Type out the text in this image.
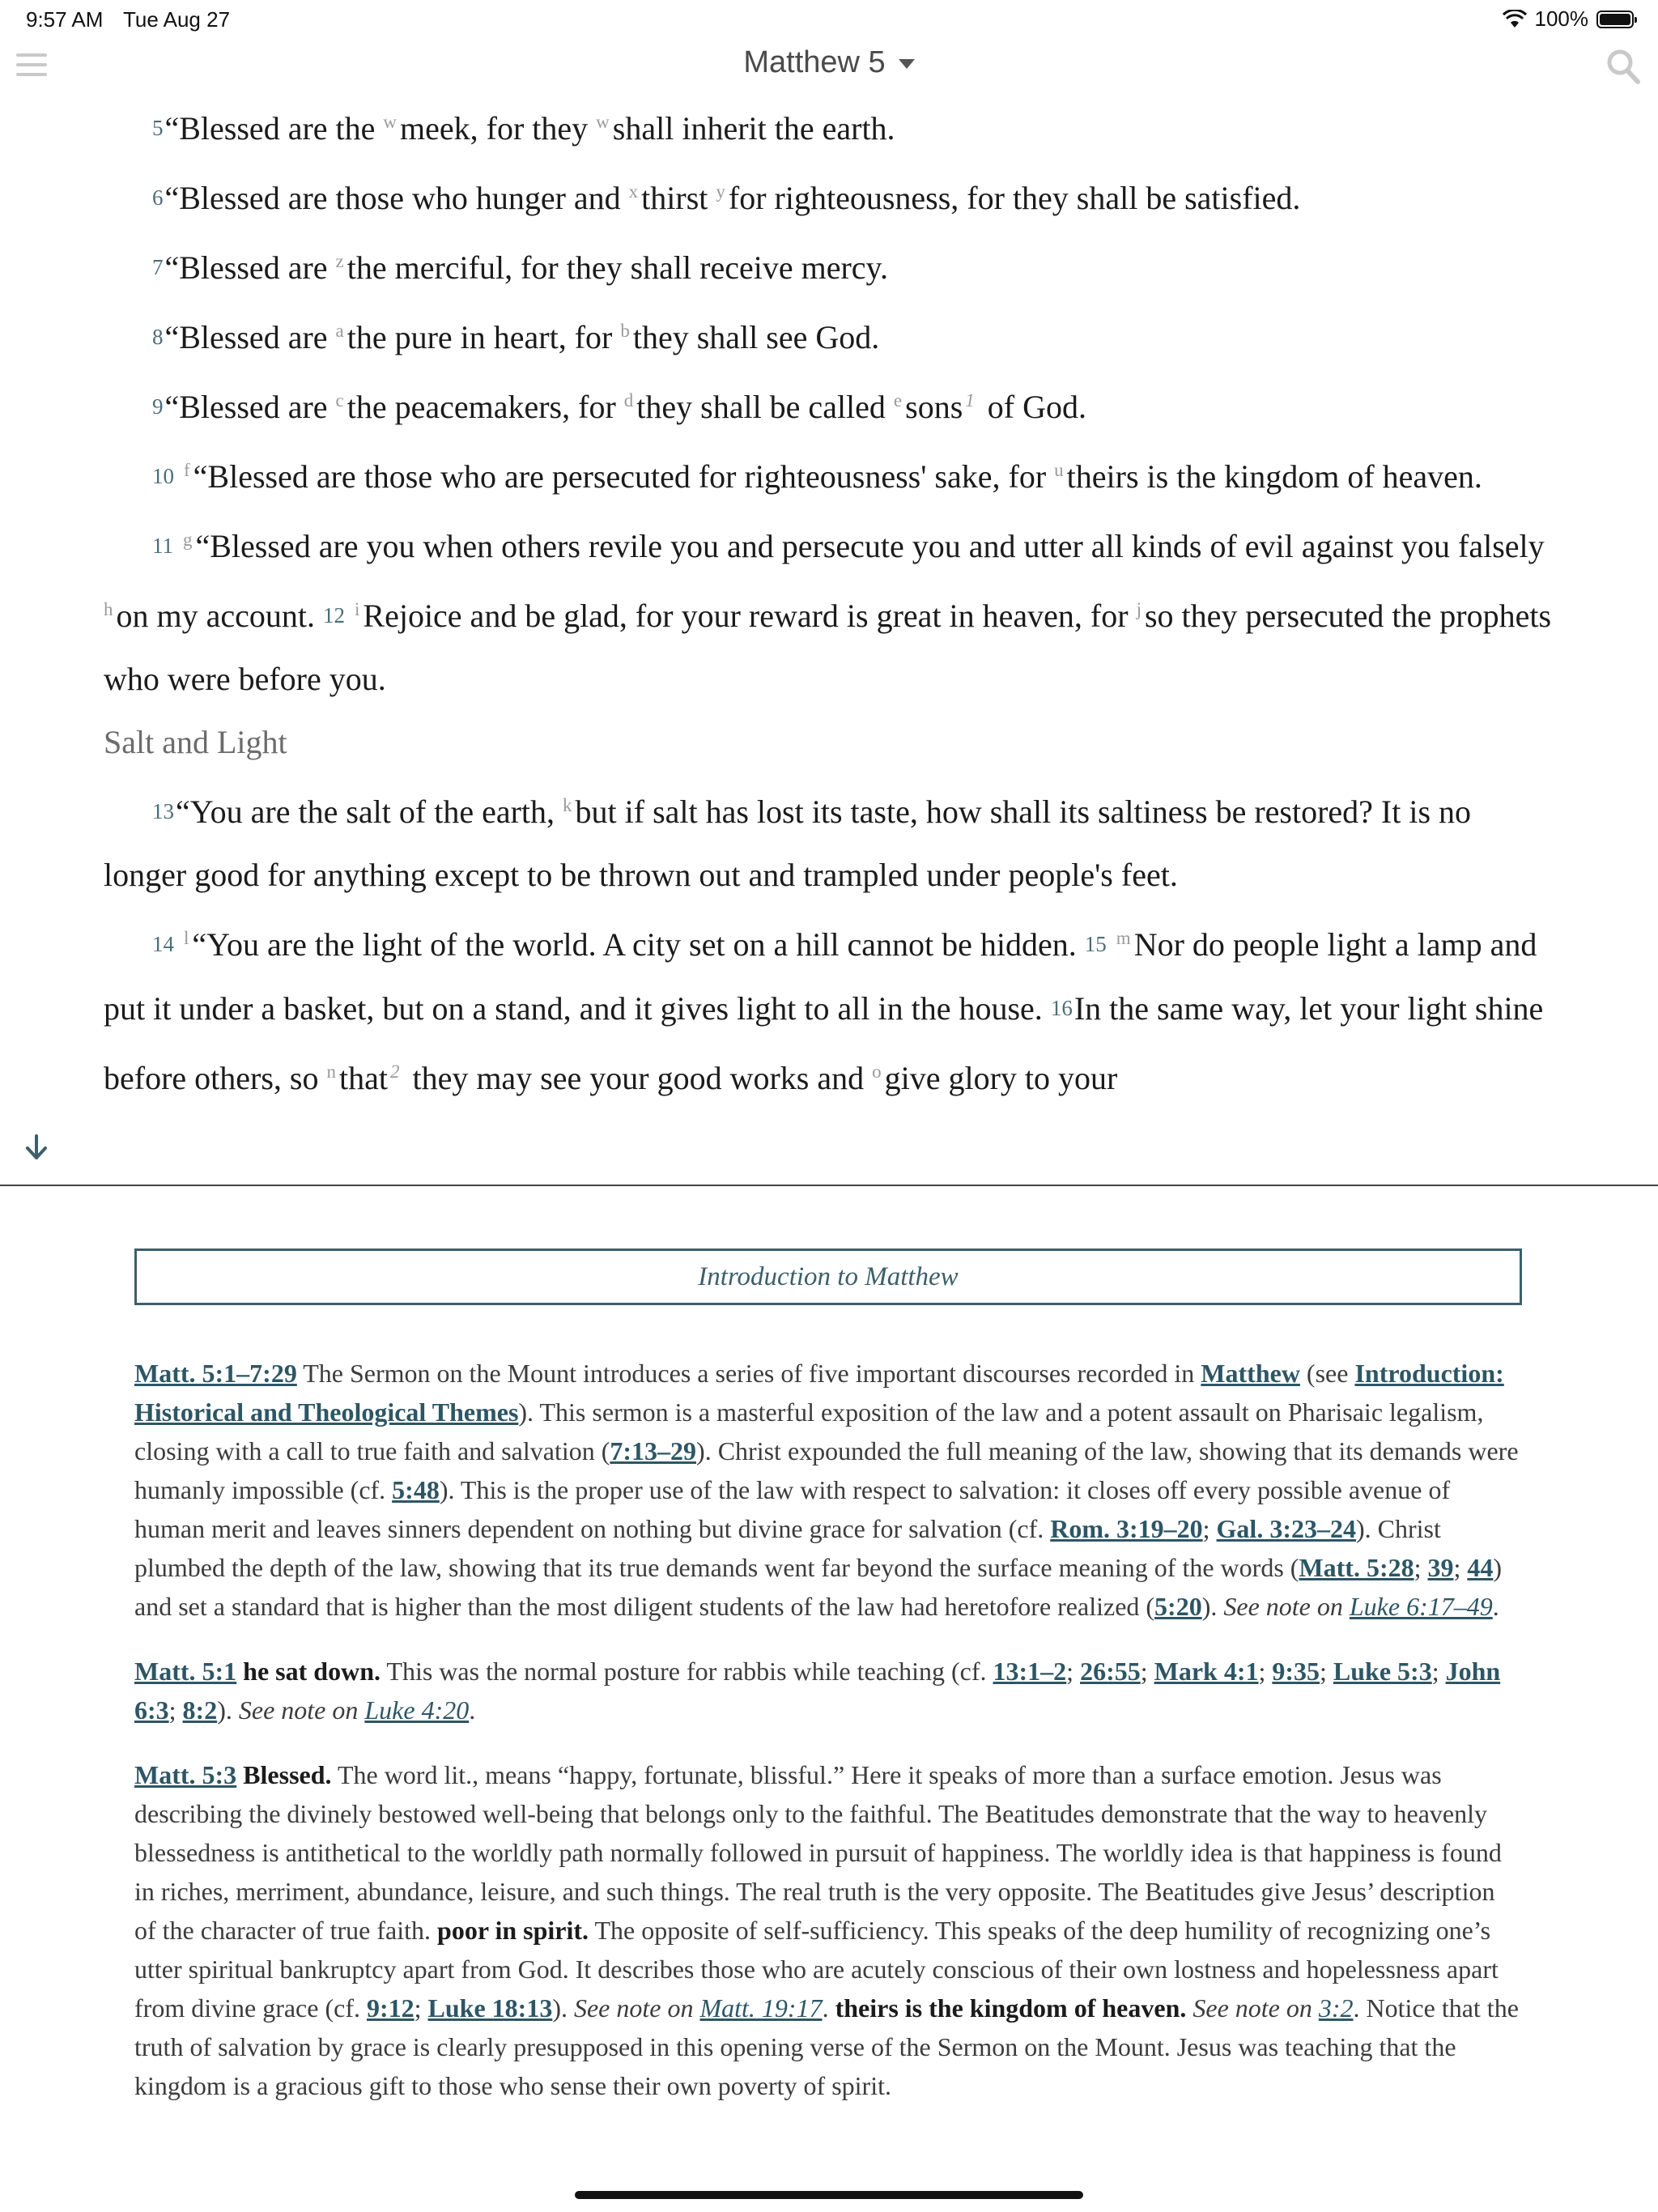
9:57 AM Tue Aug 27	100%
Matthew 5

5“Blessed are the $^w$ meek, for they $^w$ shall inherit the earth.

6“Blessed are those who hunger and $^x$ thirst $^y$ for righteousness, for they shall be satisfied.

7“Blessed are $^z$ the merciful, for they shall receive mercy.

8“Blessed are $^a$ the pure in heart, for $^b$ they shall see God.

9“Blessed are $^c$ the peacemakers, for $^d$ they shall be called $^e$ sons $^1$ of God.

10 $^f$ “Blessed are those who are persecuted for righteousness' sake, for $^u$ theirs is the kingdom of heaven.

11 $^g$ “Blessed are you when others revile you and persecute you and utter all kinds of evil against you falsely $^h$ on my account. 12 $^i$ Rejoice and be glad, for your reward is great in heaven, for $^j$ so they persecuted the prophets who were before you.

Salt and Light

13“You are the salt of the earth, $^k$ but if salt has lost its taste, how shall its saltiness be restored? It is no longer good for anything except to be thrown out and trampled under people's feet.

14 $^l$ “You are the light of the world. A city set on a hill cannot be hidden. 15 $^m$ Nor do people light a lamp and put it under a basket, but on a stand, and it gives light to all in the house. 16In the same way, let your light shine before others, so $^n$ that $^2$ they may see your good works and $^o$ give glory to your

Introduction to Matthew

Matt. 5:1–7:29 The Sermon on the Mount introduces a series of five important discourses recorded in Matthew (see Introduction: Historical and Theological Themes). This sermon is a masterful exposition of the law and a potent assault on Pharisaic legalism, closing with a call to true faith and salvation (7:13–29). Christ expounded the full meaning of the law, showing that its demands were humanly impossible (cf. 5:48). This is the proper use of the law with respect to salvation: it closes off every possible avenue of human merit and leaves sinners dependent on nothing but divine grace for salvation (cf. Rom. 3:19–20; Gal. 3:23–24). Christ plumbed the depth of the law, showing that its true demands went far beyond the surface meaning of the words (Matt. 5:28; 39; 44) and set a standard that is higher than the most diligent students of the law had heretofore realized (5:20). See note on Luke 6:17–49.

Matt. 5:1 he sat down. This was the normal posture for rabbis while teaching (cf. 13:1–2; 26:55; Mark 4:1; 9:35; Luke 5:3; John 6:3; 8:2). See note on Luke 4:20.

Matt. 5:3 Blessed. The word lit., means “happy, fortunate, blissful.” Here it speaks of more than a surface emotion. Jesus was describing the divinely bestowed well-being that belongs only to the faithful. The Beatitudes demonstrate that the way to heavenly blessedness is antithetical to the worldly path normally followed in pursuit of happiness. The worldly idea is that happiness is found in riches, merriment, abundance, leisure, and such things. The real truth is the very opposite. The Beatitudes give Jesus’ description of the character of true faith. poor in spirit. The opposite of self-sufficiency. This speaks of the deep humility of recognizing one’s utter spiritual bankruptcy apart from God. It describes those who are acutely conscious of their own lostness and hopelessness apart from divine grace (cf. 9:12; Luke 18:13). See note on Matt. 19:17. theirs is the kingdom of heaven. See note on 3:2. Notice that the truth of salvation by grace is clearly presupposed in this opening verse of the Sermon on the Mount. Jesus was teaching that the kingdom is a gracious gift to those who sense their own poverty of spirit.
